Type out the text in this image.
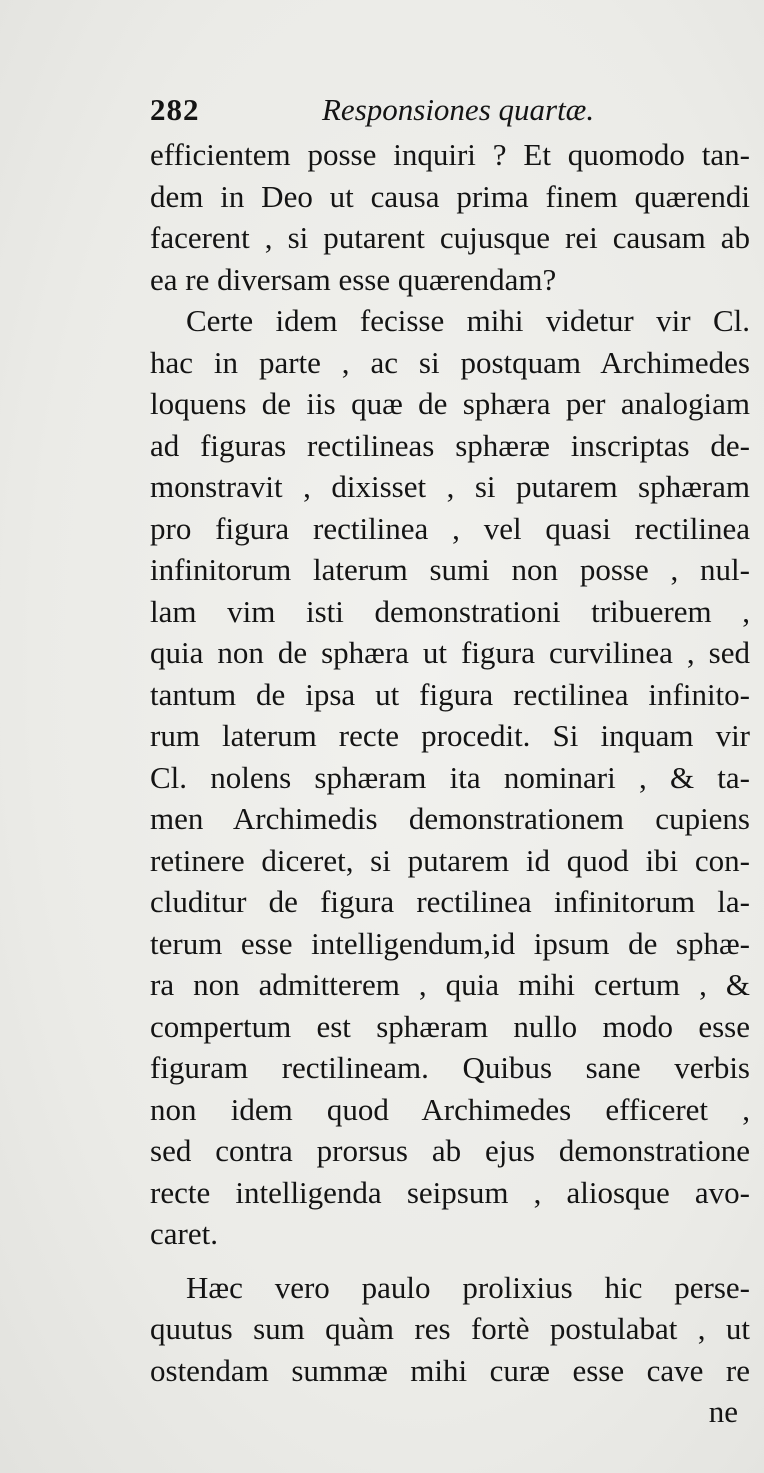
282	Responsiones quartæ.
efficientem posse inquiri ? Et quomodo tan-
dem in Deo ut causa prima finem quærendi
facerent , si putarent cujusque rei causam ab
ea re diversam esse quærendam?
Certe idem fecisse mihi videtur vir Cl.
hac in parte , ac si postquam Archimedes
loquens de iis quæ de sphæra per analogiam
ad figuras rectilineas sphæræ inscriptas de-
monstravit , dixisset , si putarem sphæram
pro figura rectilinea , vel quasi rectilinea
infinitorum laterum sumi non posse , nul-
lam vim isti demonstrationi tribuerem ,
quia non de sphæra ut figura curvilinea , sed
tantum de ipsa ut figura rectilinea infinito-
rum laterum recte procedit. Si inquam vir
Cl. nolens sphæram ita nominari , & ta-
men Archimedis demonstrationem cupiens
retinere diceret, si putarem id quod ibi con-
cluditur de figura rectilinea infinitorum la-
terum esse intelligendum,id ipsum de sphæ-
ra non admitterem , quia mihi certum , &
compertum est sphæram nullo modo esse
figuram rectilineam. Quibus sane verbis
non idem quod Archimedes efficeret ,
sed contra prorsus ab ejus demonstratione
recte intelligenda seipsum , aliosque avo-
caret.
Hæc vero paulo prolixius hic perse-
quutus sum quàm res fortè postulabat , ut
ostendam summæ mihi curæ esse cave re
ne
